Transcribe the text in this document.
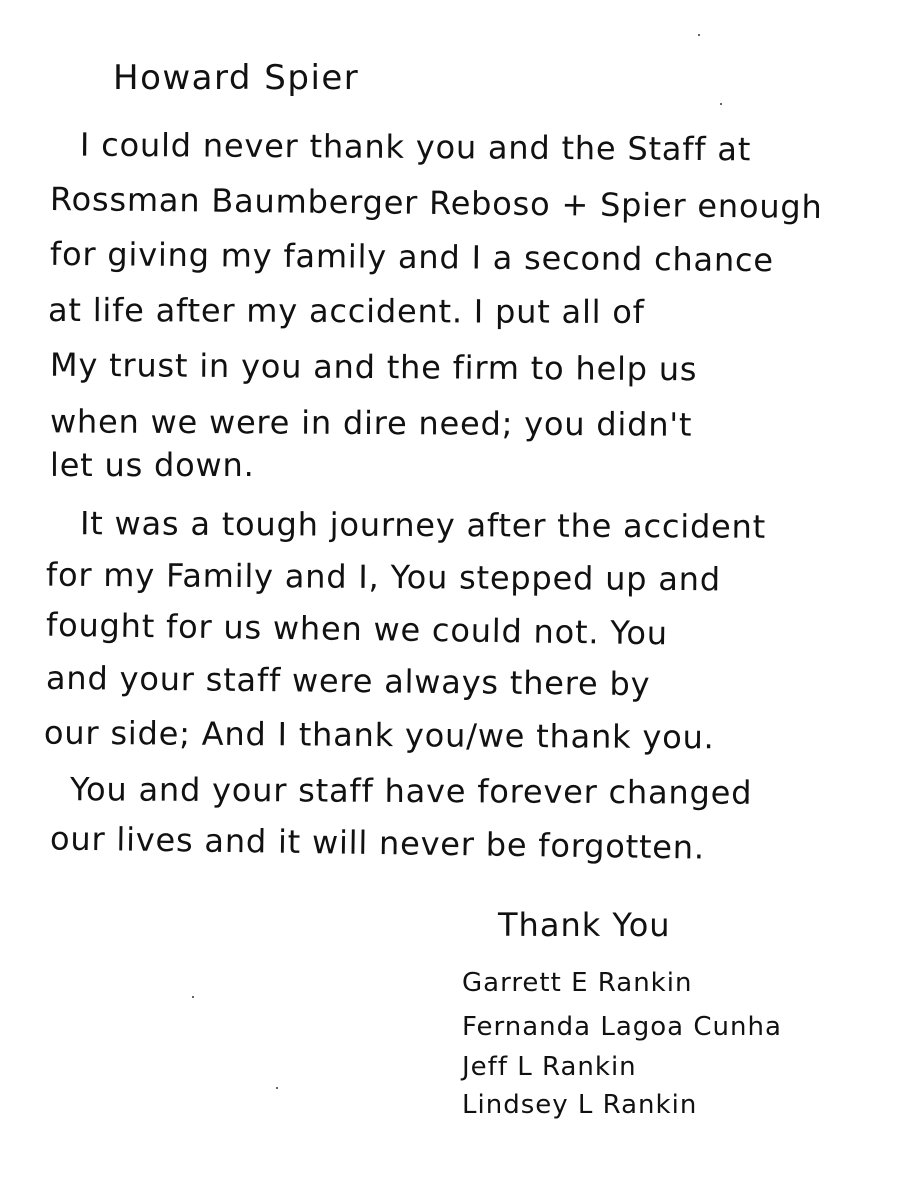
Howard Spier
I could never thank you and the Staff at
Rossman Baumberger Reboso + Spier enough
for giving my family and I a second chance
at life after my accident. I put all of
My trust in you and the firm to help us
when we were in dire need; you didn't
let us down.
It was a tough journey after the accident
for my Family and I, You stepped up and
fought for us when we could not. You
and your staff were always there by
our side; And I thank you/we thank you.
You and your staff have forever changed
our lives and it will never be forgotten.
Thank You
Garrett E Rankin
Fernanda Lagoa Cunha
Jeff L Rankin
Lindsey L Rankin
